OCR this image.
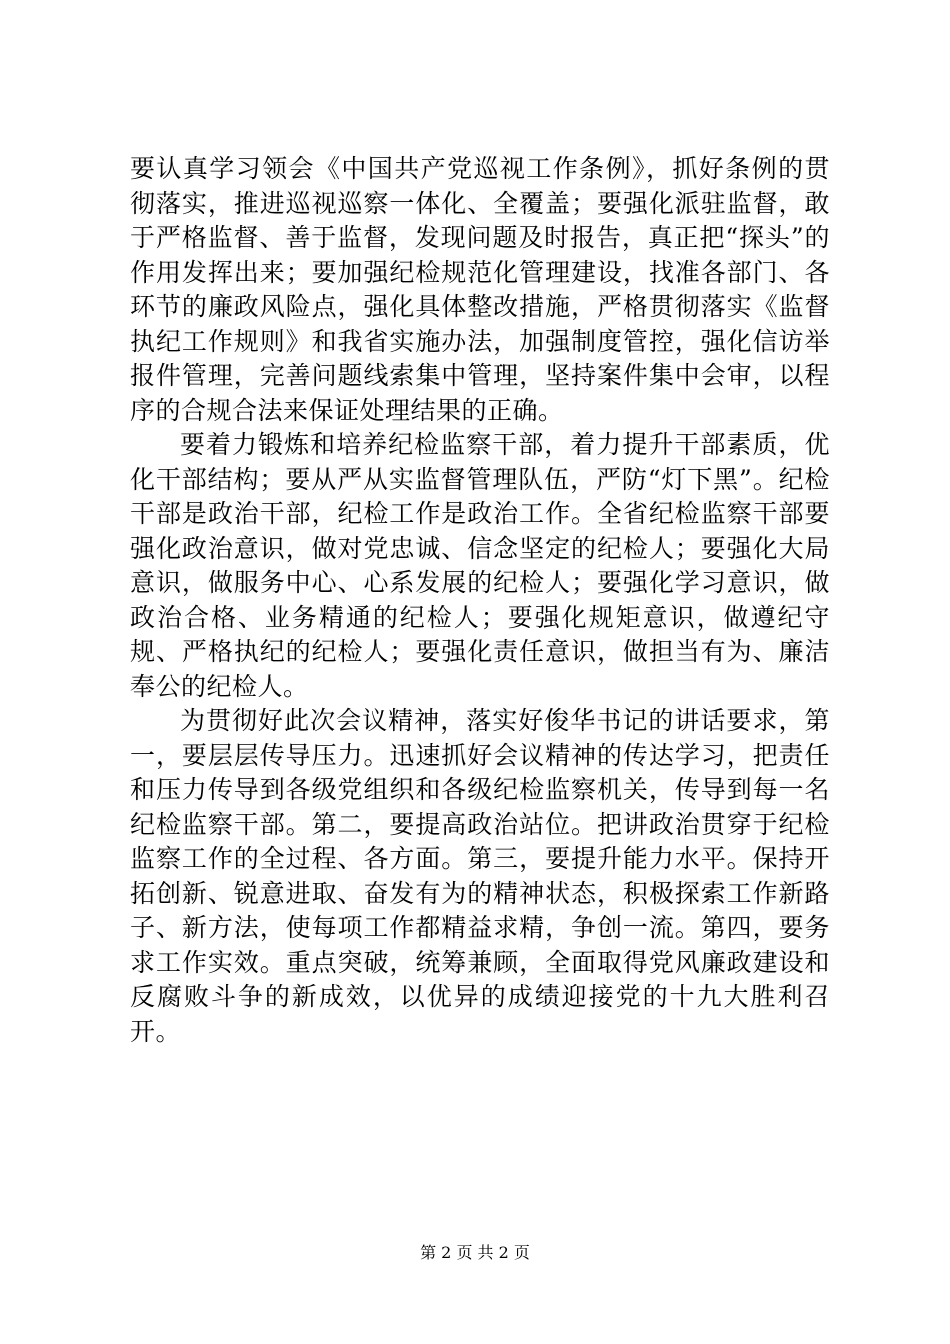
要认真学习领会《中国共产党巡视工作条例》，抓好条例的贯彻落实，推进巡视巡察一体化、全覆盖；要强化派驻监督，敢于严格监督、善于监督，发现问题及时报告，真正把“探头”的作用发挥出来；要加强纪检规范化管理建设，找准各部门、各环节的廉政风险点，强化具体整改措施，严格贯彻落实《监督执纪工作规则》和我省实施办法，加强制度管控，强化信访举报件管理，完善问题线索集中管理，坚持案件集中会审，以程序的合规合法来保证处理结果的正确。

要着力锻炼和培养纪检监察干部，着力提升干部素质，优化干部结构；要从严从实监督管理队伍，严防“灯下黑”。纪检干部是政治干部，纪检工作是政治工作。全省纪检监察干部要强化政治意识，做对党忠诚、信念坚定的纪检人；要强化大局意识，做服务中心、心系发展的纪检人；要强化学习意识，做政治合格、业务精通的纪检人；要强化规矩意识，做遵纪守规、严格执纪的纪检人；要强化责任意识，做担当有为、廉洁奉公的纪检人。

为贯彻好此次会议精神，落实好俊华书记的讲话要求，第一，要层层传导压力。迅速抓好会议精神的传达学习，把责任和压力传导到各级党组织和各级纪检监察机关，传导到每一名纪检监察干部。第二，要提高政治站位。把讲政治贯穿于纪检监察工作的全过程、各方面。第三，要提升能力水平。保持开拓创新、锐意进取、奋发有为的精神状态，积极探索工作新路子、新方法，使每项工作都精益求精，争创一流。第四，要务求工作实效。重点突破，统筹兼顾，全面取得党风廉政建设和反腐败斗争的新成效，以优异的成绩迎接党的十九大胜利召开。

第 2 页 共 2 页
